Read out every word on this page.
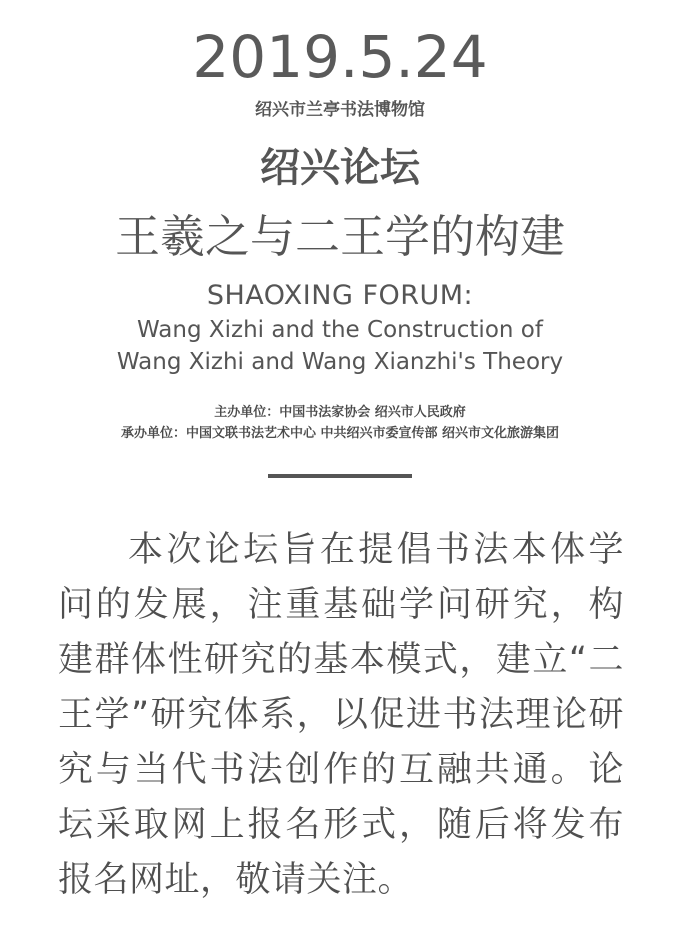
2019.5.24
绍兴市兰亭书法博物馆
绍兴论坛
王羲之与二王学的构建
SHAOXING FORUM:
Wang Xizhi and the Construction of
Wang Xizhi and Wang Xianzhi's Theory
主办单位：中国书法家协会 绍兴市人民政府
承办单位：中国文联书法艺术中心 中共绍兴市委宣传部 绍兴市文化旅游集团

本次论坛旨在提倡书法本体学问的发展，注重基础学问研究，构建群体性研究的基本模式，建立“二王学”研究体系，以促进书法理论研究与当代书法创作的互融共通。论坛采取网上报名形式，随后将发布报名网址，敬请关注。
